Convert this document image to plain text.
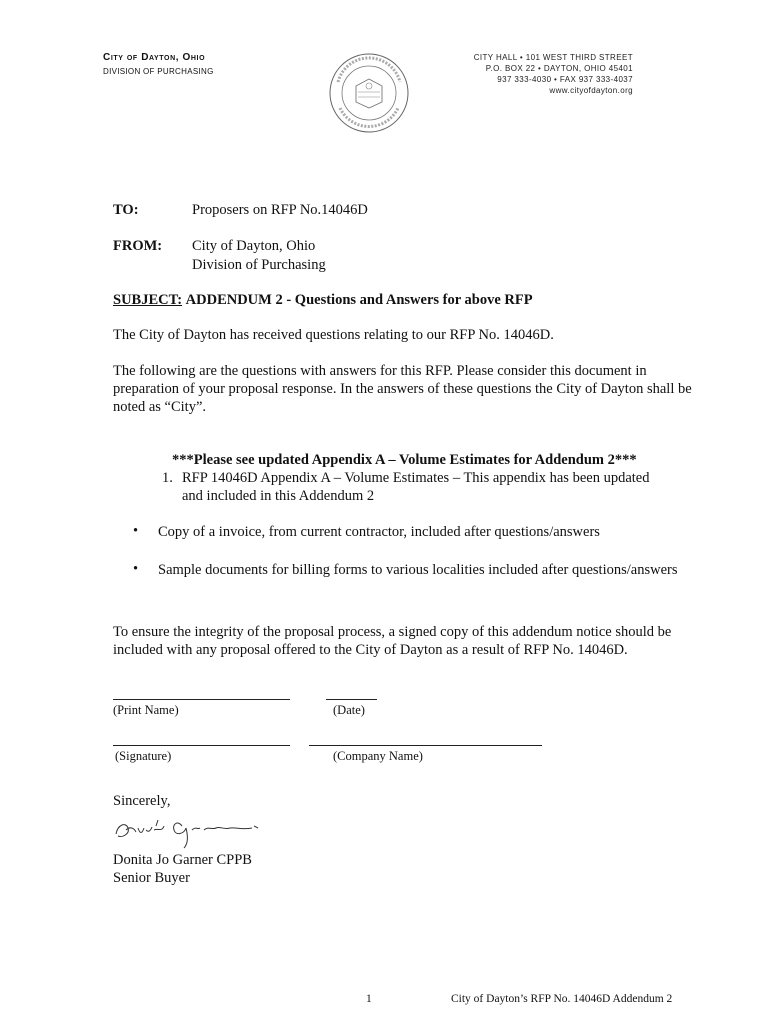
City of Dayton, Ohio
DIVISION OF PURCHASING
CITY HALL • 101 WEST THIRD STREET
P.O. BOX 22 • DAYTON, OHIO 45401
937 333-4030 • FAX 937 333-4037
www.cityofdayton.org
TO:	Proposers on RFP No.14046D
FROM: City of Dayton, Ohio
Division of Purchasing
SUBJECT: ADDENDUM 2 - Questions and Answers for above RFP
The City of Dayton has received questions relating to our RFP No. 14046D.
The following are the questions with answers for this RFP. Please consider this document in
preparation of your proposal response. In the answers of these questions the City of Dayton shall be
noted as “City”.
***Please see updated Appendix A – Volume Estimates for Addendum 2***
1. RFP 14046D Appendix A – Volume Estimates – This appendix has been updated
and included in this Addendum 2
• Copy of a invoice, from current contractor, included after questions/answers
• Sample documents for billing forms to various localities included after questions/answers
To ensure the integrity of the proposal process, a signed copy of this addendum notice should be
included with any proposal offered to the City of Dayton as a result of RFP No. 14046D.
(Print Name)	(Date)
(Signature)	(Company Name)
Sincerely,
Donita Jo Garner CPPB
Senior Buyer
1	City of Dayton’s RFP No. 14046D Addendum 2
